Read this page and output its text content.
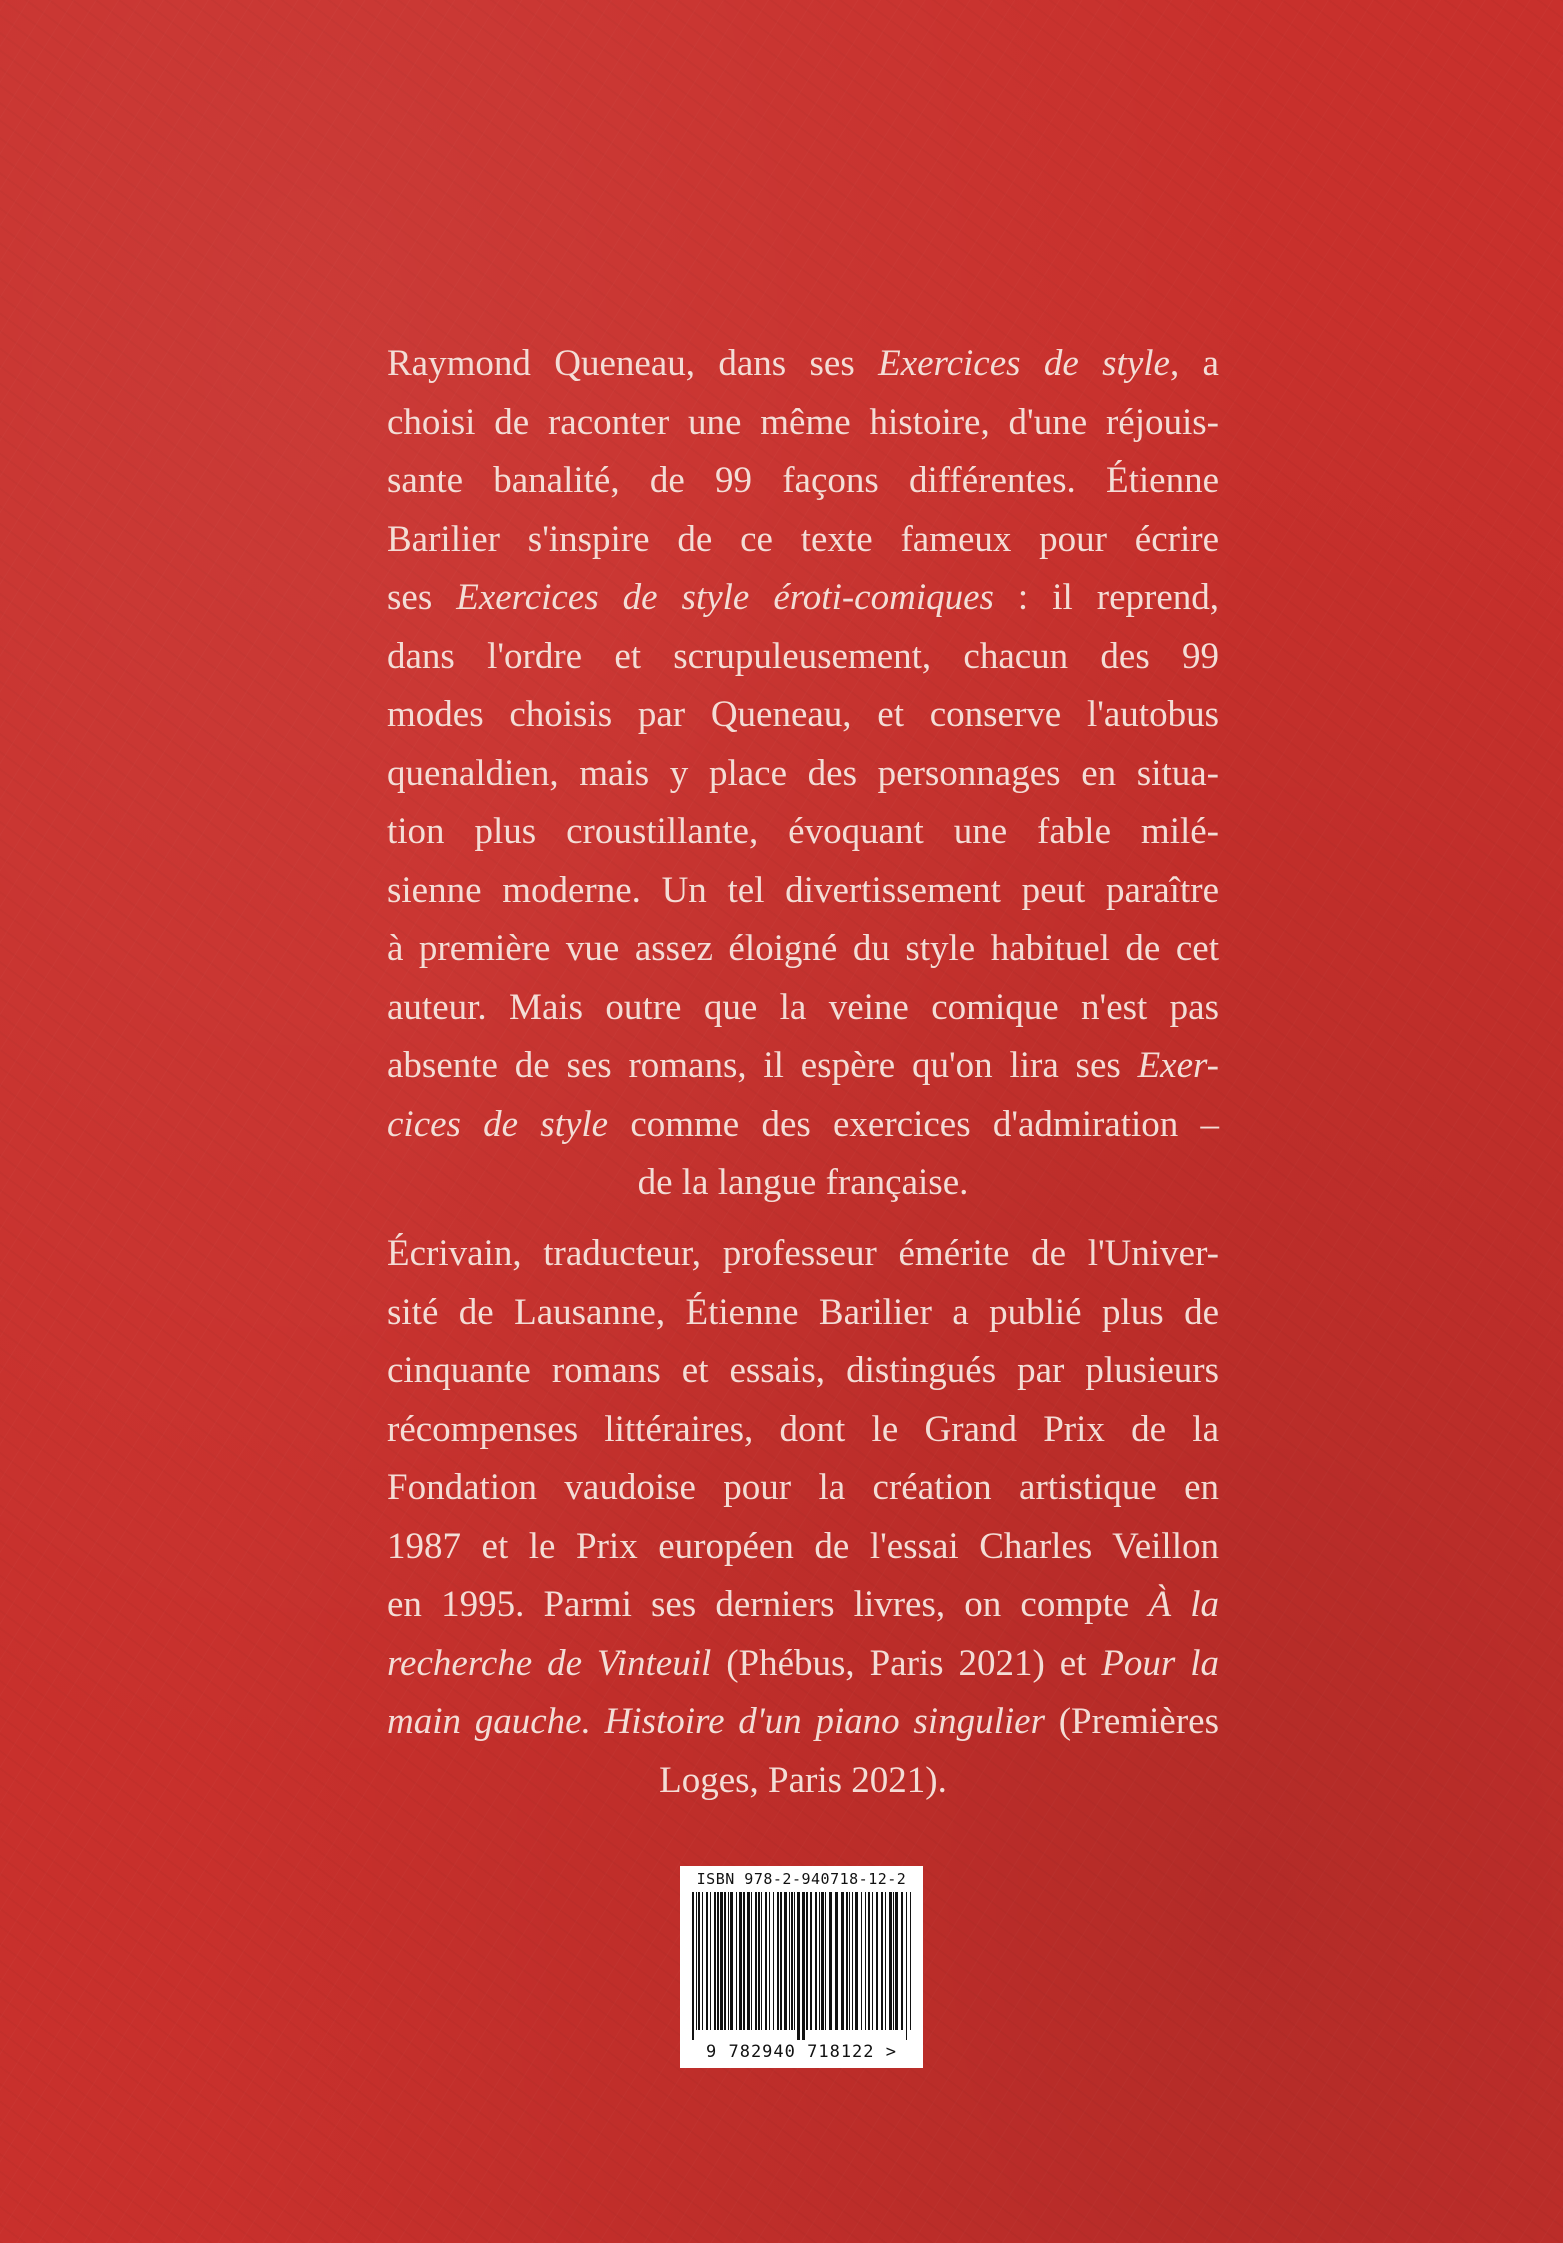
Raymond Queneau, dans ses Exercices de style, a
choisi de raconter une même histoire, d'une réjouis-
sante banalité, de 99 façons différentes. Étienne
Barilier s'inspire de ce texte fameux pour écrire
ses Exercices de style éroti-comiques : il reprend,
dans l'ordre et scrupuleusement, chacun des 99
modes choisis par Queneau, et conserve l'autobus
quenaldien, mais y place des personnages en situa-
tion plus croustillante, évoquant une fable milé-
sienne moderne. Un tel divertissement peut paraître
à première vue assez éloigné du style habituel de cet
auteur. Mais outre que la veine comique n'est pas
absente de ses romans, il espère qu'on lira ses Exer-
cices de style comme des exercices d'admiration –
de la langue française.
Écrivain, traducteur, professeur émérite de l'Univer-
sité de Lausanne, Étienne Barilier a publié plus de
cinquante romans et essais, distingués par plusieurs
récompenses littéraires, dont le Grand Prix de la
Fondation vaudoise pour la création artistique en
1987 et le Prix européen de l'essai Charles Veillon
en 1995. Parmi ses derniers livres, on compte À la
recherche de Vinteuil (Phébus, Paris 2021) et Pour la
main gauche. Histoire d'un piano singulier (Premières
Loges, Paris 2021).
ISBN 978-2-940718-12-2
9 782940 718122 >
